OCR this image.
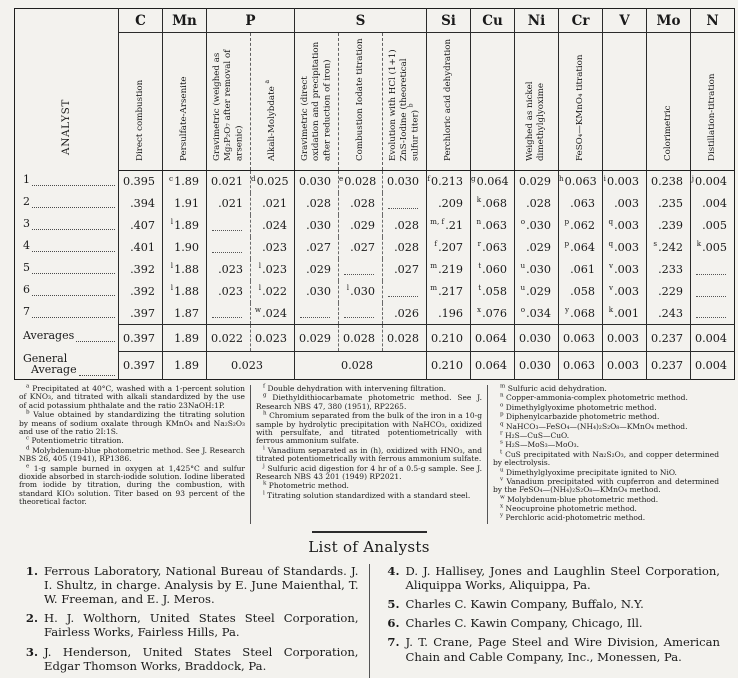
ANALYST	C	Mn	P		S			Si	Cu	Ni	Cr	V	Mo	N
	Direct combustion	Persulfate-Arsenite	Gravimetric (weighed as Mg₂P₂O₇ after removal of arsenic)	Alkali-Molybdate $^a$	Gravimetric (direct oxidation and precipitation after reduction of iron)	Combustion Iodate titration	Evolution with HCl (1+1) ZnS-Iodine (theoretical sulfur titer) $^b$	Perchloric acid dehydration		Weighed as nickel dimethylglyoxime	FeSO₄—KMnO₄ titration		Colorimetric	Distillation-titration

1	0.395	$^c$1.89	0.021	$^d$0.025	0.030	$^e$0.028	0.030	$^f$0.213	$^g$0.064	0.029	$^h$0.063	$^i$0.003	0.238	$^j$0.004

2	.394	1.91	.021	.021	.028	.028		.209	$^k$.068	.028	.063	.003	.235	.004

3	.407	$^l$1.89		.024	.030	.029	.028	$^{m, f}$.21	$^n$.063	$^o$.030	$^p$.062	$^q$.003	.239	.005

4	.401	1.90		.023	.027	.027	.028	$^f$.207	$^r$.063	.029	$^p$.064	$^q$.003	$^s$.242	$^k$.005

5	.392	$^l$1.88	.023	$^l$.023	.029		.027	$^m$.219	$^t$.060	$^u$.030	.061	$^v$.003	.233	

6	.392	$^l$1.88	.023	$^l$.022	.030	$^l$.030		$^m$.217	$^t$.058	$^u$.029	.058	$^v$.003	.229	

7	.397	1.87		$^w$.024			.026	.196	$^x$.076	$^o$.034	$^y$.068	$^k$.001	.243	

Averages	0.397	1.89	0.022	0.023	0.029	0.028	0.028	0.210	0.064	0.030	0.063	0.003	0.237	0.004

General
Average	0.397	1.89	0.023		0.028			0.210	0.064	0.030	0.063	0.003	0.237	0.004

$^a$ Precipitated at 40°C, washed with a 1-percent solution of KNO₃, and titrated with alkali standardized by the use of acid potassium phthalate and the ratio 23NaOH:1P.

$^b$ Value obtained by standardizing the titrating solution by means of sodium oxalate through KMnO₄ and Na₂S₂O₃ and use of the ratio 2I:1S.

$^c$ Potentiometric titration.

$^d$ Molybdenum-blue photometric method. See J. Research NBS 26, 405 (1941), RP1386.

$^e$ 1-g sample burned in oxygen at 1,425°C and sulfur dioxide absorbed in starch-iodide solution. Iodine liberated from iodide by titration, during the combustion, with standard KIO₃ solution. Titer based on 93 percent of the theoretical factor.

$^f$ Double dehydration with intervening filtration.

$^g$ Diethyldithiocarbamate photometric method. See J. Research NBS 47, 380 (1951), RP2265.

$^h$ Chromium separated from the bulk of the iron in a 10-g sample by hydrolytic precipitation with NaHCO₃, oxidized with persulfate, and titrated potentiometrically with ferrous ammonium sulfate.

$^i$ Vanadium separated as in (h), oxidized with HNO₃, and titrated potentiometrically with ferrous ammonium sulfate.

$^j$ Sulfuric acid digestion for 4 hr of a 0.5-g sample. See J. Research NBS 43 201 (1949) RP2021.

$^k$ Photometric method.

$^l$ Titrating solution standardized with a standard steel.

$^m$ Sulfuric acid dehydration.

$^n$ Copper-ammonia-complex photometric method.

$^o$ Dimethylglyoxime photometric method.

$^p$ Diphenylcarbazide photometric method.

$^q$ NaHCO₃—FeSO₄—(NH₄)₂S₂O₈—KMnO₄ method.

$^r$ H₂S—CuS—CuO.

$^s$ H₂S—MoS₃—MoO₃.

$^t$ CuS precipitated with Na₂S₂O₃, and copper determined by electrolysis.

$^u$ Dimethylglyoxime precipitate ignited to NiO.

$^v$ Vanadium precipitated with cupferron and determined by the FeSO₄—(NH₄)₂S₂O₈—KMnO₄ method.

$^w$ Molybdenum-blue photometric method.

$^x$ Neocuproine photometric method.

$^y$ Perchloric acid-photometric method.

List of Analysts
1. Ferrous Laboratory, National Bureau of Standards. J. I. Shultz, in charge. Analysis by E. June Maienthal, T. W. Freeman, and E. J. Meros.
2. H. J. Wolthorn, United States Steel Corporation, Fairless Works, Fairless Hills, Pa.
3. J. Henderson, United States Steel Corporation, Edgar Thomson Works, Braddock, Pa.
4. D. J. Hallisey, Jones and Laughlin Steel Corporation, Aliquippa Works, Aliquippa, Pa.
5. Charles C. Kawin Company, Buffalo, N.Y.
6. Charles C. Kawin Company, Chicago, Ill.
7. J. T. Crane, Page Steel and Wire Division, American Chain and Cable Company, Inc., Monessen, Pa.
